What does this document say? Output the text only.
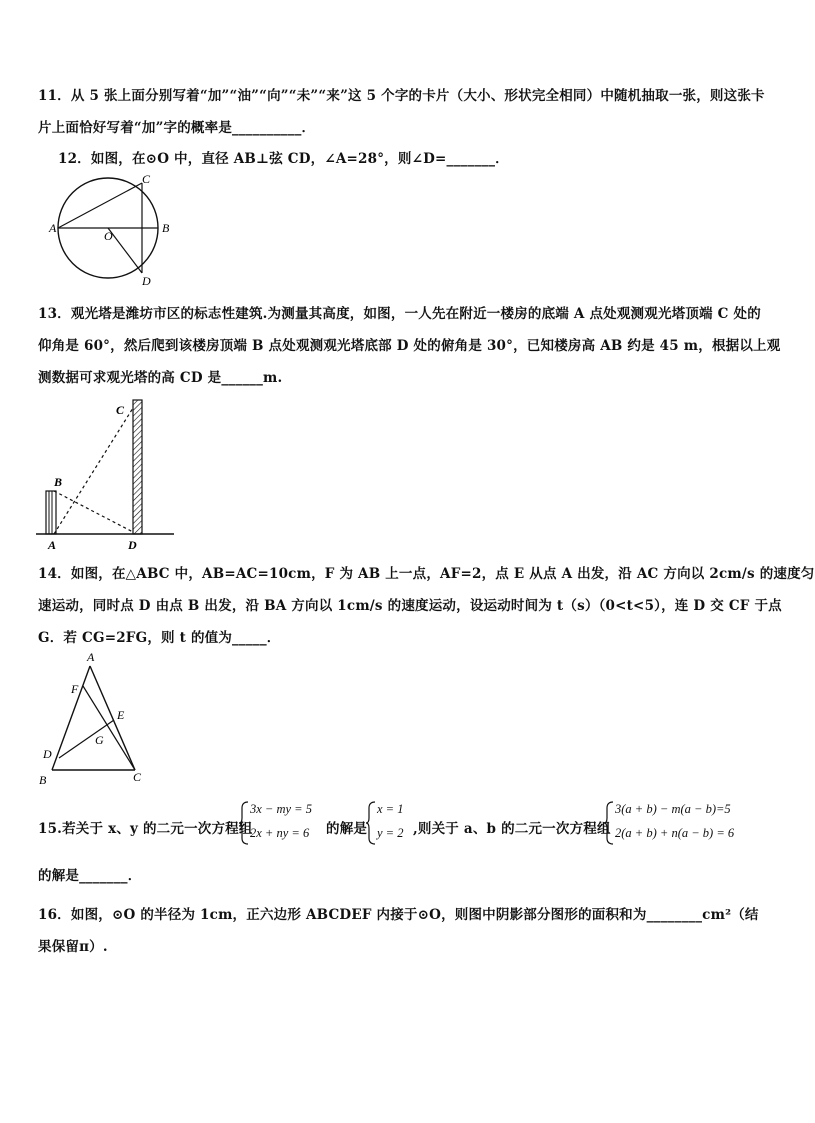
11．从 5 张上面分别写着“加”“油”“向”“未”“来”这 5 个字的卡片（大小、形状完全相同）中随机抽取一张，则这张卡
片上面恰好写着“加”字的概率是__________．
12．如图，在⊙O 中，直径 AB⊥弦 CD，∠A=28°，则∠D=_______．
C
A
O
B
D
13．观光塔是潍坊市区的标志性建筑.为测量其高度，如图，一人先在附近一楼房的底端 A 点处观测观光塔顶端 C 处的
仰角是 60°，然后爬到该楼房顶端 B 点处观测观光塔底部 D 处的俯角是 30°，已知楼房高 AB 约是 45 m，根据以上观
测数据可求观光塔的高 CD 是______m.
C
B
A	D
14．如图，在△ABC 中，AB=AC=10cm，F 为 AB 上一点，AF=2，点 E 从点 A 出发，沿 AC 方向以 2cm/s 的速度匀
速运动，同时点 D 由点 B 出发，沿 BA 方向以 1cm/s 的速度运动，设运动时间为 t（s）（0<t<5），连 D 交 CF 于点
G．若 CG=2FG，则 t 的值为_____．
A
F
E
G
D
B	C
15.若关于 x、y 的二元一次方程组
3x − my = 5
2x + ny = 6 的解是
x = 1
y = 2 ,则关于 a、b 的二元一次方程组
3(a + b) − m(a − b)=5
2(a + b) + n(a − b) = 6
的解是_______．
16．如图，⊙O 的半径为 1cm，正六边形 ABCDEF 内接于⊙O，则图中阴影部分图形的面积和为________cm²（结
果保留π）.
